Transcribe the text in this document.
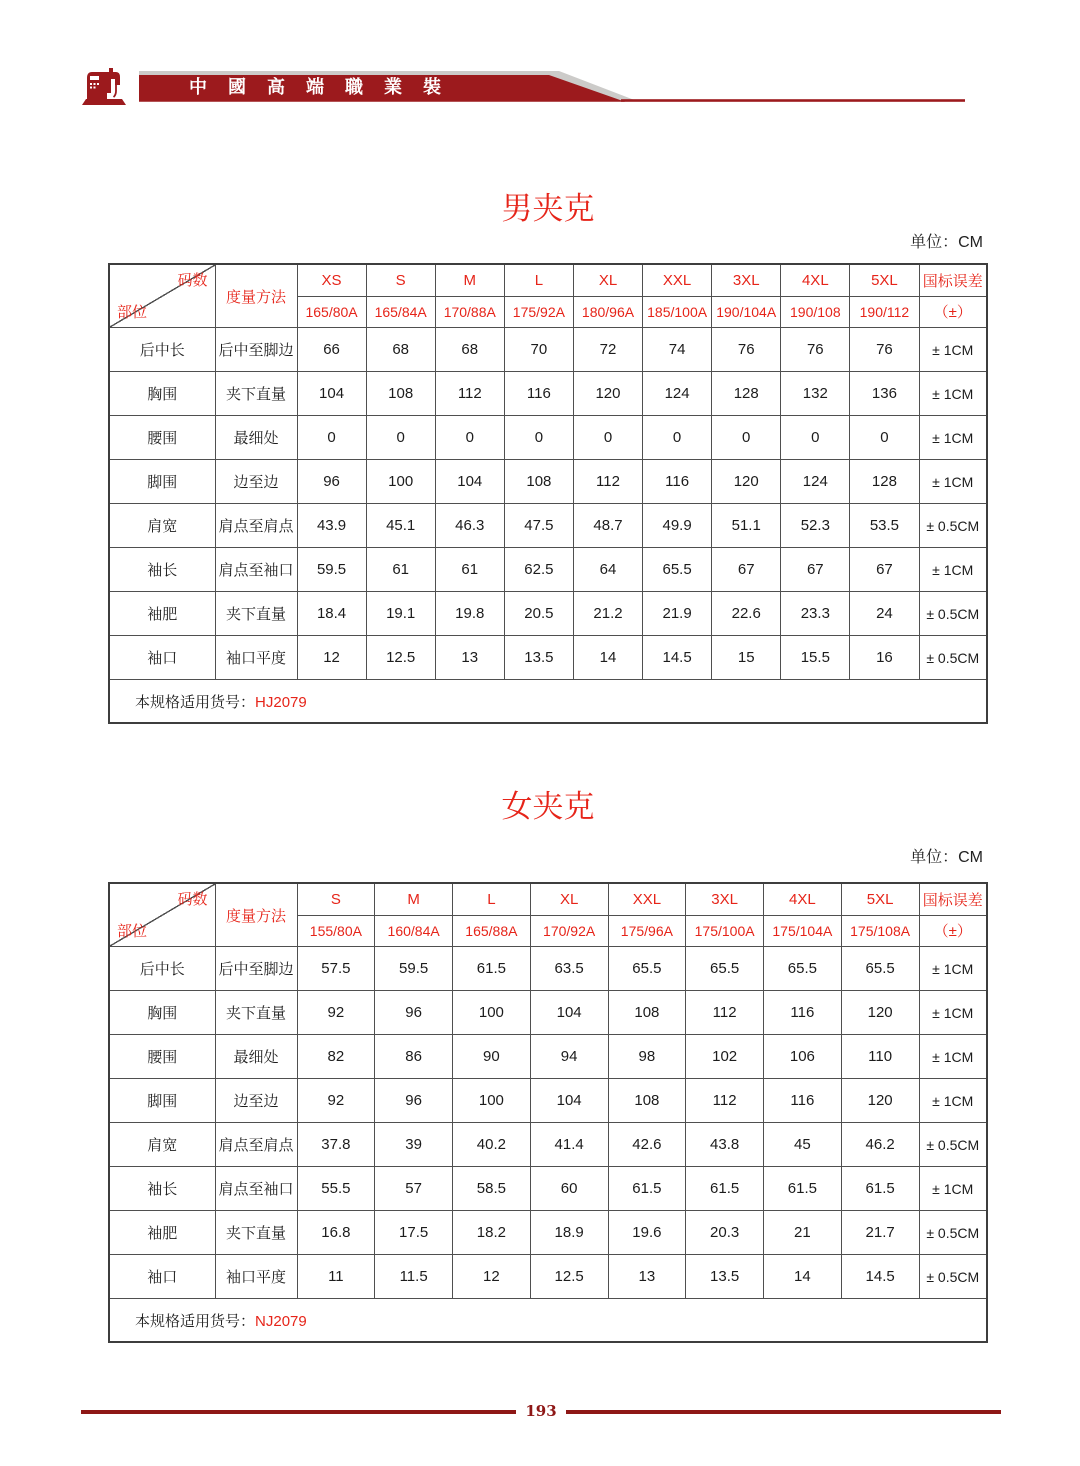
中國高端職業裝
男夹克
单位：CM
码数
部位	度量方法	XS	S	M	L	XL	XXL	3XL	4XL	5XL	国标误差
		165/80A	165/84A	170/88A	175/92A	180/96A	185/100A	190/104A	190/108	190/112	（±）
后中长	后中至脚边	66	68	68	70	72	74	76	76	76	± 1CM
胸围	夹下直量	104	108	112	116	120	124	128	132	136	± 1CM
腰围	最细处	0	0	0	0	0	0	0	0	0	± 1CM
脚围	边至边	96	100	104	108	112	116	120	124	128	± 1CM
肩宽	肩点至肩点	43.9	45.1	46.3	47.5	48.7	49.9	51.1	52.3	53.5	± 0.5CM
袖长	肩点至袖口	59.5	61	61	62.5	64	65.5	67	67	67	± 1CM
袖肥	夹下直量	18.4	19.1	19.8	20.5	21.2	21.9	22.6	23.3	24	± 0.5CM
袖口	袖口平度	12	12.5	13	13.5	14	14.5	15	15.5	16	± 0.5CM
本规格适用货号：HJ2079											
女夹克
单位：CM
码数
部位	度量方法	S	M	L	XL	XXL	3XL	4XL	5XL	国标误差
		155/80A	160/84A	165/88A	170/92A	175/96A	175/100A	175/104A	175/108A	（±）
后中长	后中至脚边	57.5	59.5	61.5	63.5	65.5	65.5	65.5	65.5	± 1CM
胸围	夹下直量	92	96	100	104	108	112	116	120	± 1CM
腰围	最细处	82	86	90	94	98	102	106	110	± 1CM
脚围	边至边	92	96	100	104	108	112	116	120	± 1CM
肩宽	肩点至肩点	37.8	39	40.2	41.4	42.6	43.8	45	46.2	± 0.5CM
袖长	肩点至袖口	55.5	57	58.5	60	61.5	61.5	61.5	61.5	± 1CM
袖肥	夹下直量	16.8	17.5	18.2	18.9	19.6	20.3	21	21.7	± 0.5CM
袖口	袖口平度	11	11.5	12	12.5	13	13.5	14	14.5	± 0.5CM
本规格适用货号：NJ2079										
193
